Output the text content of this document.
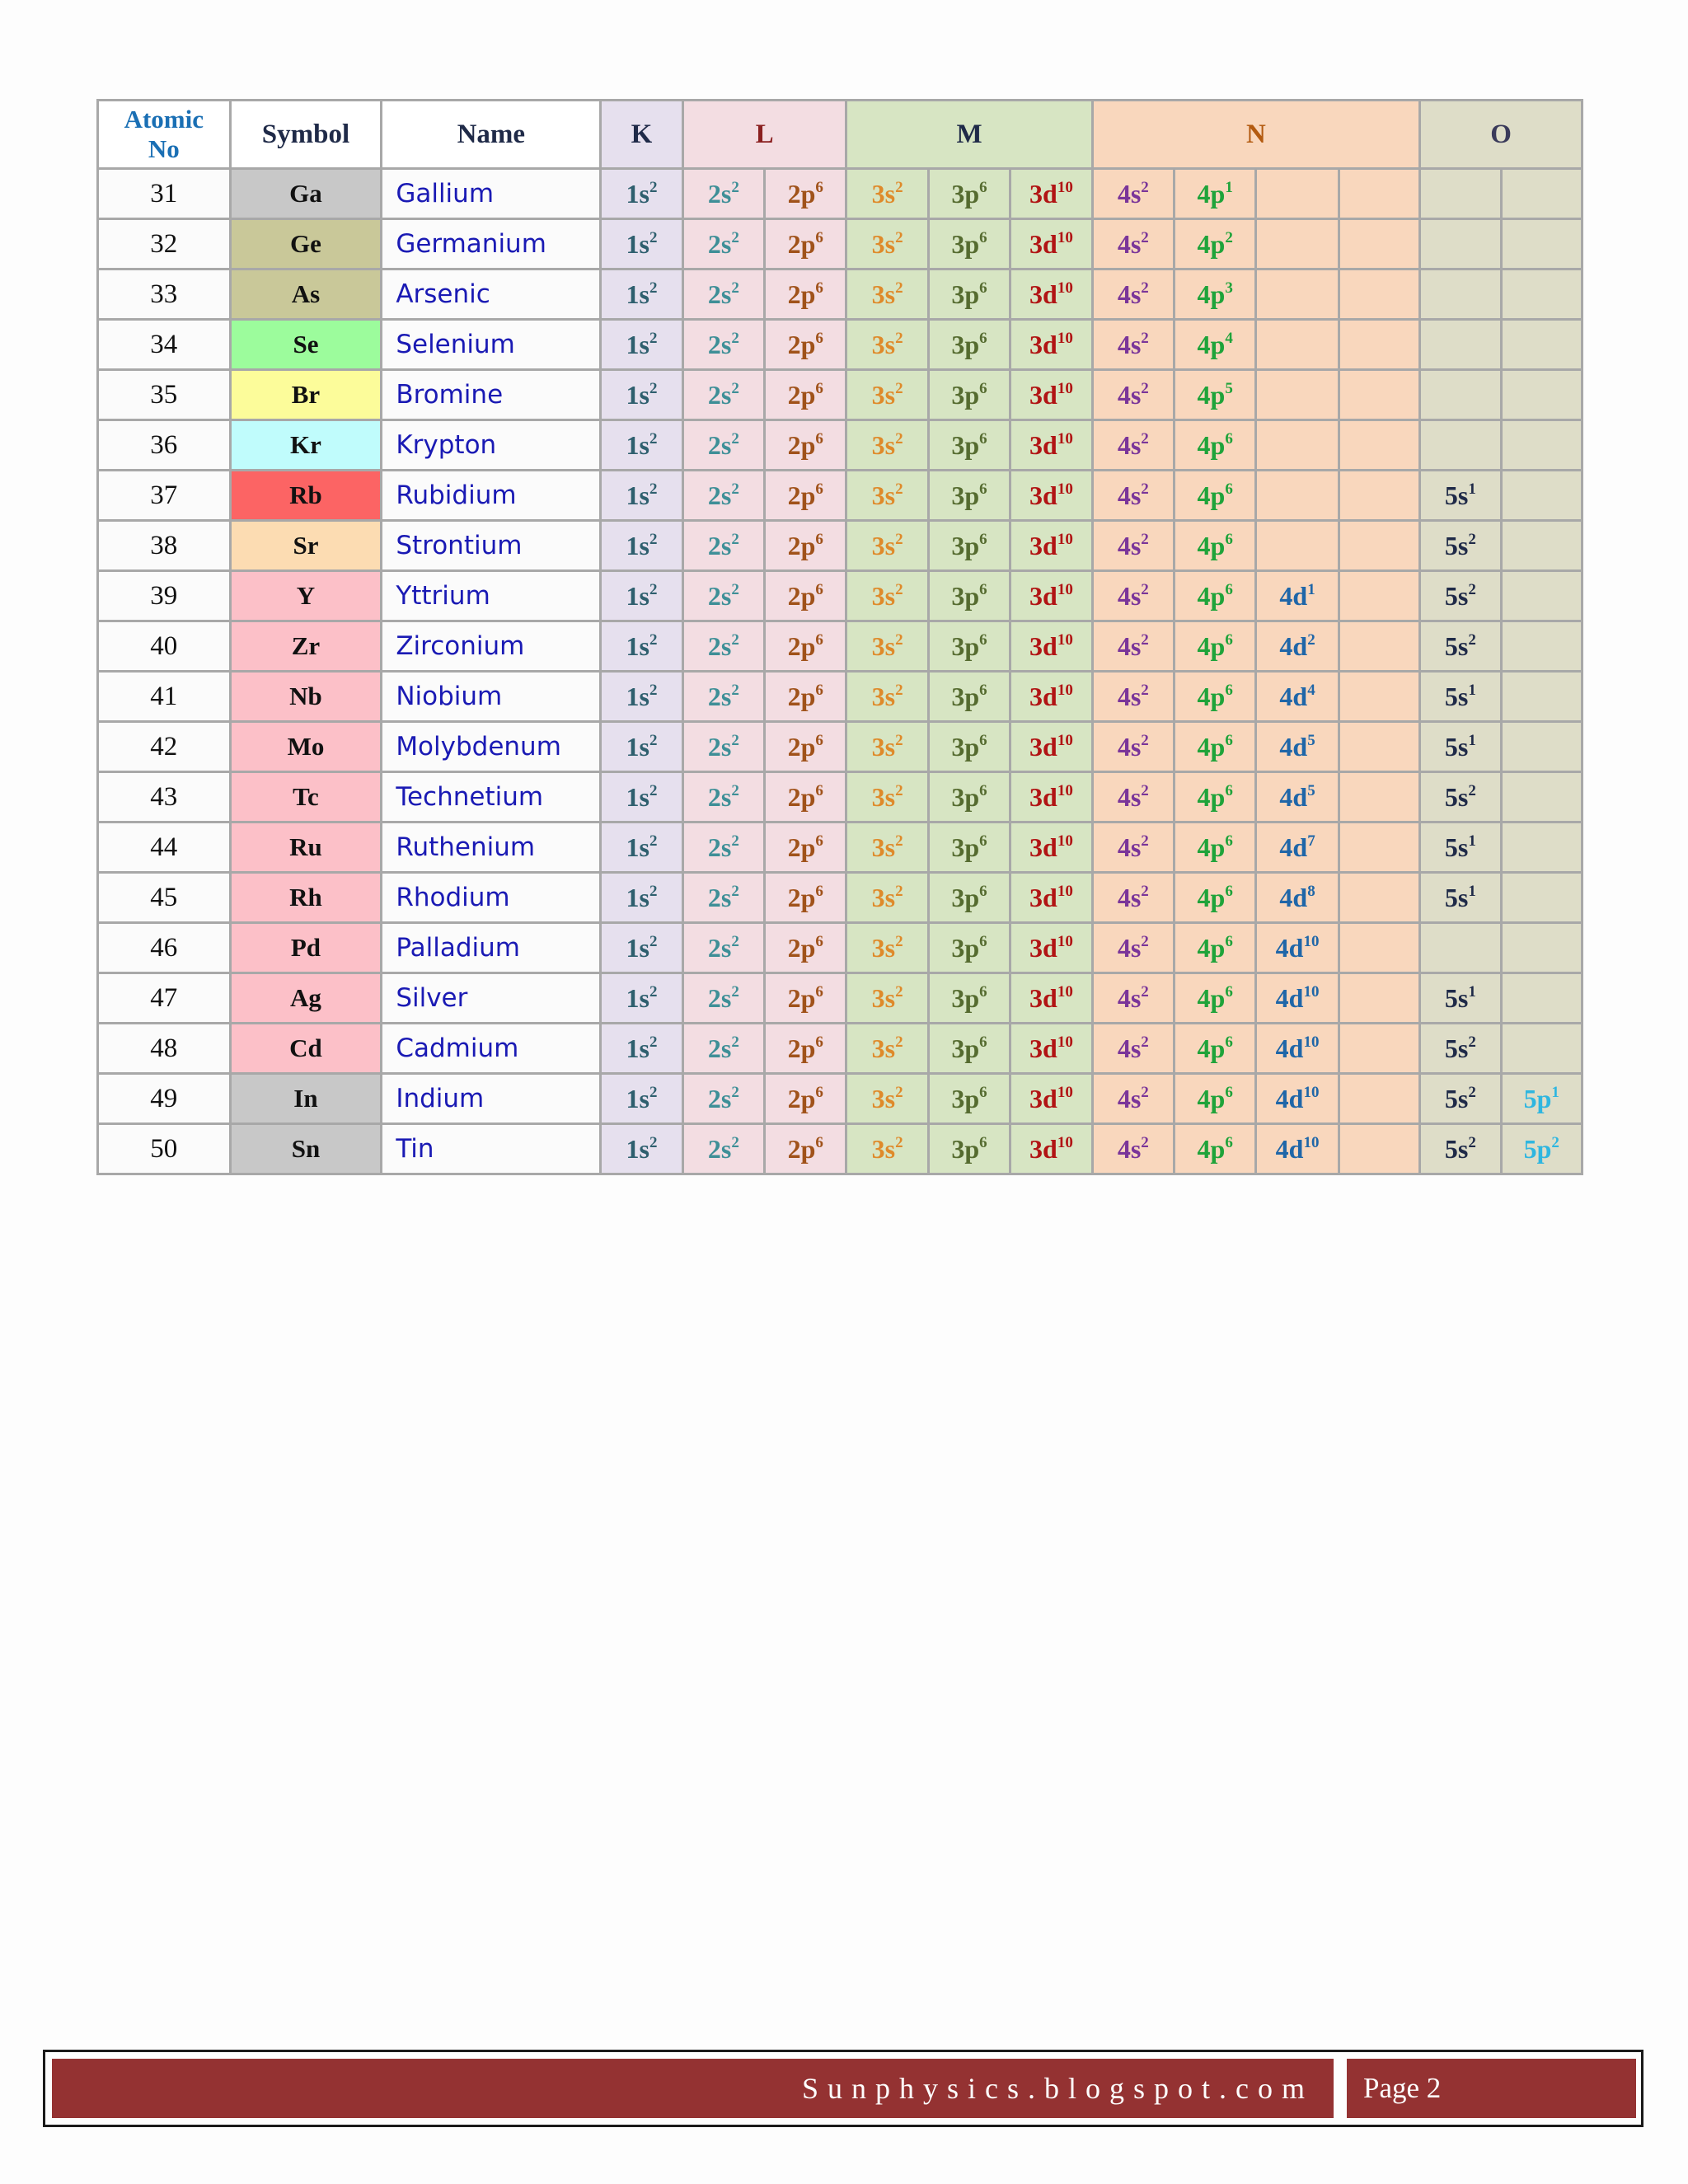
Atomic
No	Symbol	Name	K	L		M			N				O	
31	Ga	Gallium	$1s^2$	$2s^2$	$2p^6$	$3s^2$	$3p^6$	$3d^{10}$	$4s^2$	$4p^1$				
32	Ge	Germanium	$1s^2$	$2s^2$	$2p^6$	$3s^2$	$3p^6$	$3d^{10}$	$4s^2$	$4p^2$				
33	As	Arsenic	$1s^2$	$2s^2$	$2p^6$	$3s^2$	$3p^6$	$3d^{10}$	$4s^2$	$4p^3$				
34	Se	Selenium	$1s^2$	$2s^2$	$2p^6$	$3s^2$	$3p^6$	$3d^{10}$	$4s^2$	$4p^4$				
35	Br	Bromine	$1s^2$	$2s^2$	$2p^6$	$3s^2$	$3p^6$	$3d^{10}$	$4s^2$	$4p^5$				
36	Kr	Krypton	$1s^2$	$2s^2$	$2p^6$	$3s^2$	$3p^6$	$3d^{10}$	$4s^2$	$4p^6$				
37	Rb	Rubidium	$1s^2$	$2s^2$	$2p^6$	$3s^2$	$3p^6$	$3d^{10}$	$4s^2$	$4p^6$			$5s^1$	
38	Sr	Strontium	$1s^2$	$2s^2$	$2p^6$	$3s^2$	$3p^6$	$3d^{10}$	$4s^2$	$4p^6$			$5s^2$	
39	Y	Yttrium	$1s^2$	$2s^2$	$2p^6$	$3s^2$	$3p^6$	$3d^{10}$	$4s^2$	$4p^6$	$4d^1$		$5s^2$	
40	Zr	Zirconium	$1s^2$	$2s^2$	$2p^6$	$3s^2$	$3p^6$	$3d^{10}$	$4s^2$	$4p^6$	$4d^2$		$5s^2$	
41	Nb	Niobium	$1s^2$	$2s^2$	$2p^6$	$3s^2$	$3p^6$	$3d^{10}$	$4s^2$	$4p^6$	$4d^4$		$5s^1$	
42	Mo	Molybdenum	$1s^2$	$2s^2$	$2p^6$	$3s^2$	$3p^6$	$3d^{10}$	$4s^2$	$4p^6$	$4d^5$		$5s^1$	
43	Tc	Technetium	$1s^2$	$2s^2$	$2p^6$	$3s^2$	$3p^6$	$3d^{10}$	$4s^2$	$4p^6$	$4d^5$		$5s^2$	
44	Ru	Ruthenium	$1s^2$	$2s^2$	$2p^6$	$3s^2$	$3p^6$	$3d^{10}$	$4s^2$	$4p^6$	$4d^7$		$5s^1$	
45	Rh	Rhodium	$1s^2$	$2s^2$	$2p^6$	$3s^2$	$3p^6$	$3d^{10}$	$4s^2$	$4p^6$	$4d^8$		$5s^1$	
46	Pd	Palladium	$1s^2$	$2s^2$	$2p^6$	$3s^2$	$3p^6$	$3d^{10}$	$4s^2$	$4p^6$	$4d^{10}$			
47	Ag	Silver	$1s^2$	$2s^2$	$2p^6$	$3s^2$	$3p^6$	$3d^{10}$	$4s^2$	$4p^6$	$4d^{10}$		$5s^1$	
48	Cd	Cadmium	$1s^2$	$2s^2$	$2p^6$	$3s^2$	$3p^6$	$3d^{10}$	$4s^2$	$4p^6$	$4d^{10}$		$5s^2$	
49	In	Indium	$1s^2$	$2s^2$	$2p^6$	$3s^2$	$3p^6$	$3d^{10}$	$4s^2$	$4p^6$	$4d^{10}$		$5s^2$	$5p^1$
50	Sn	Tin	$1s^2$	$2s^2$	$2p^6$	$3s^2$	$3p^6$	$3d^{10}$	$4s^2$	$4p^6$	$4d^{10}$		$5s^2$	$5p^2$
Sunphysics.blogspot.com	Page 2
